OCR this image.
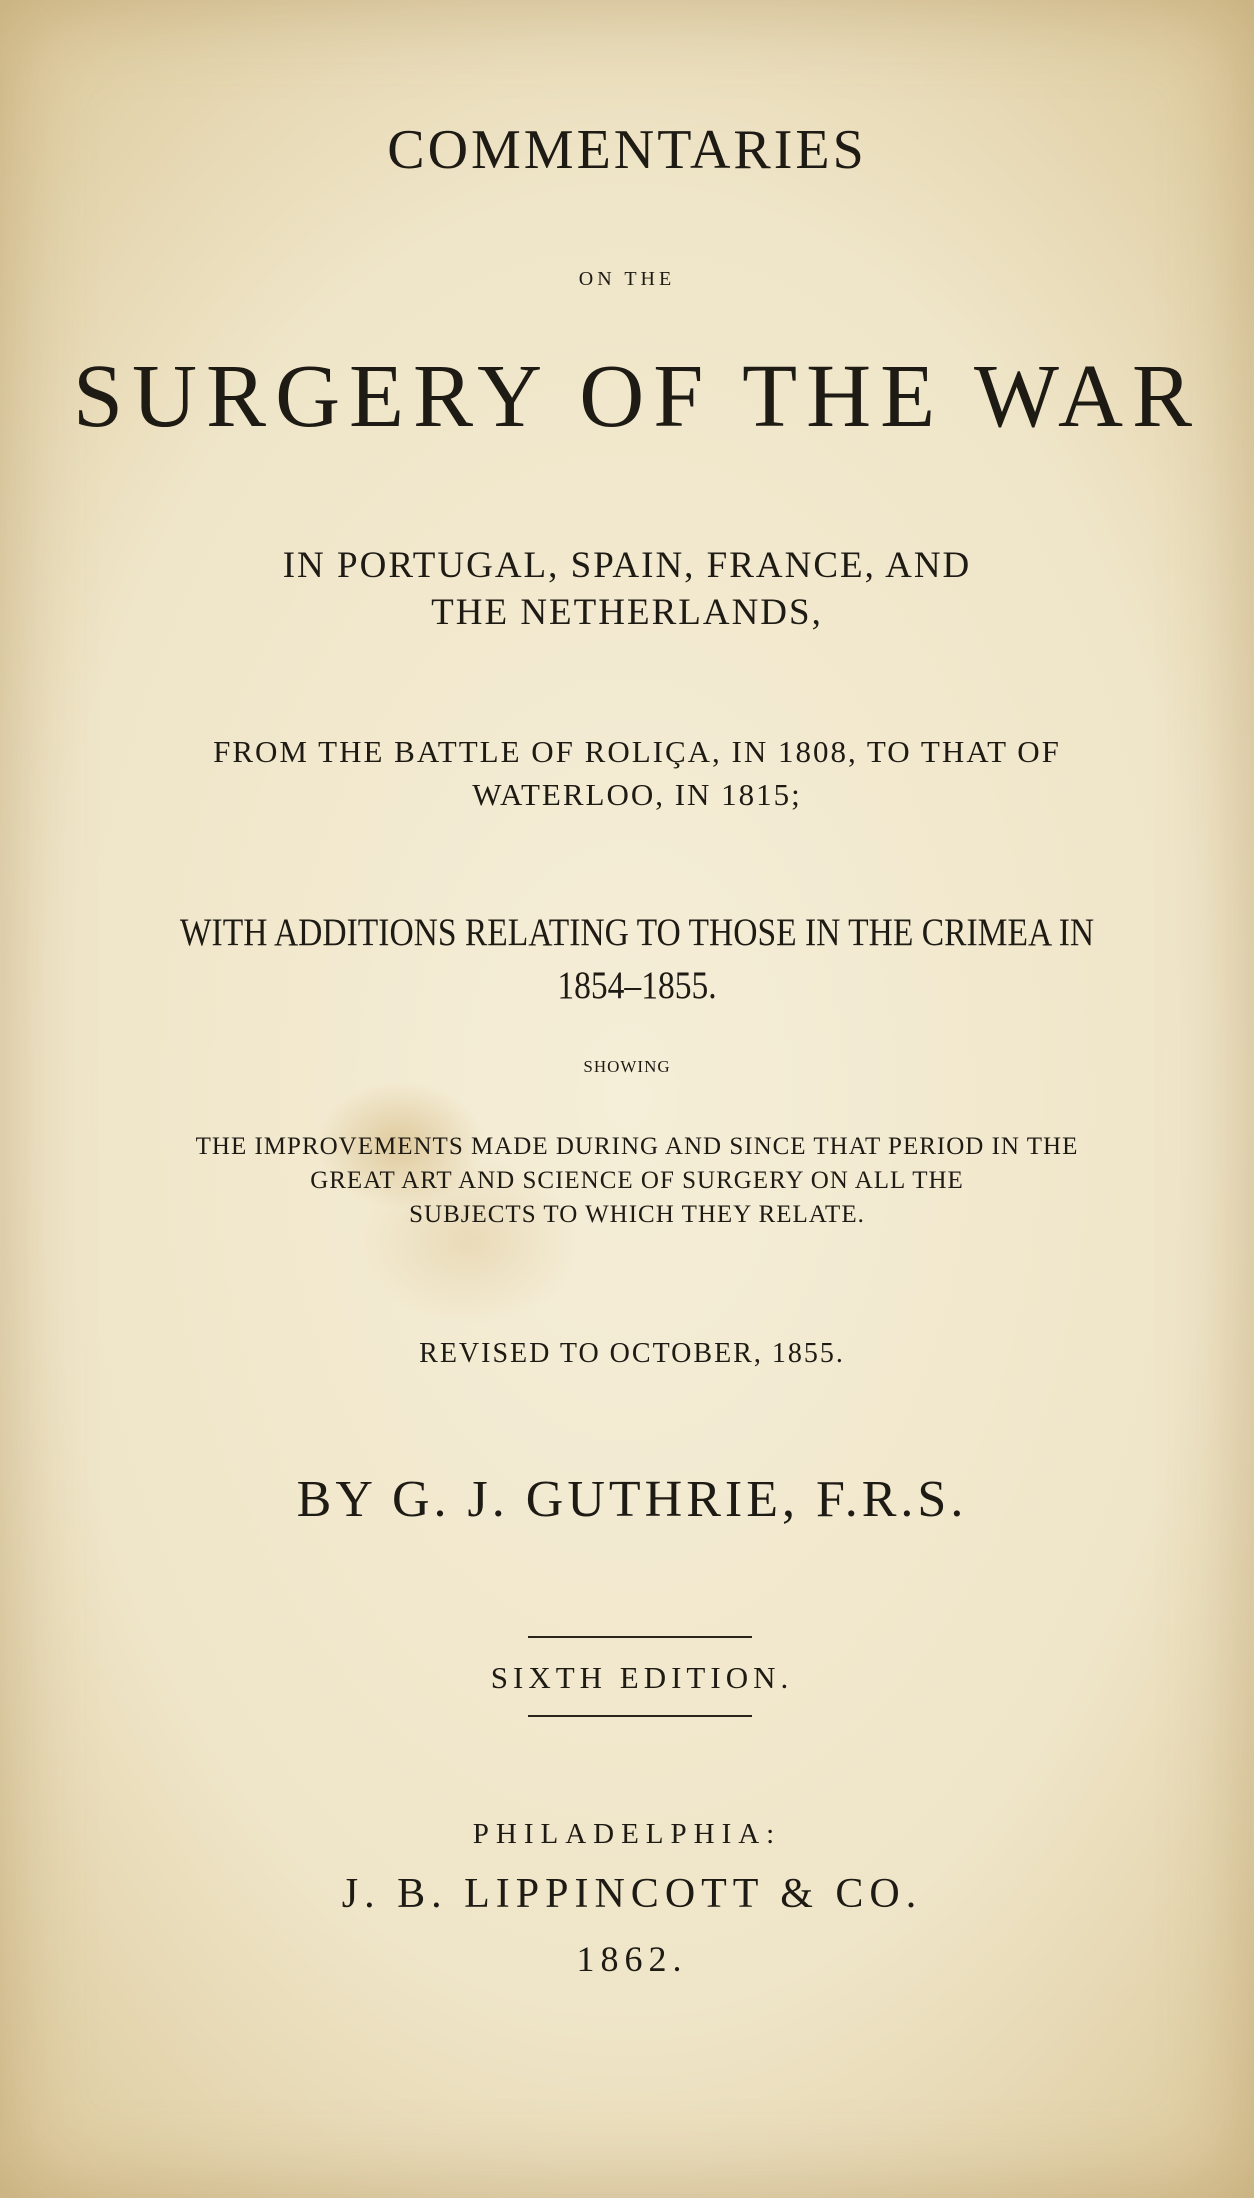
COMMENTARIES
ON THE
SURGERY OF THE WAR
IN PORTUGAL, SPAIN, FRANCE, AND
THE NETHERLANDS,
FROM THE BATTLE OF ROLIÇA, IN 1808, TO THAT OF
WATERLOO, IN 1815;
WITH ADDITIONS RELATING TO THOSE IN THE CRIMEA IN
1854–1855.
SHOWING
THE IMPROVEMENTS MADE DURING AND SINCE THAT PERIOD IN THE
GREAT ART AND SCIENCE OF SURGERY ON ALL THE
SUBJECTS TO WHICH THEY RELATE.
REVISED TO OCTOBER, 1855.
BY G. J. GUTHRIE, F.R.S.
SIXTH EDITION.
PHILADELPHIA:
J. B. LIPPINCOTT & CO.
1862.
